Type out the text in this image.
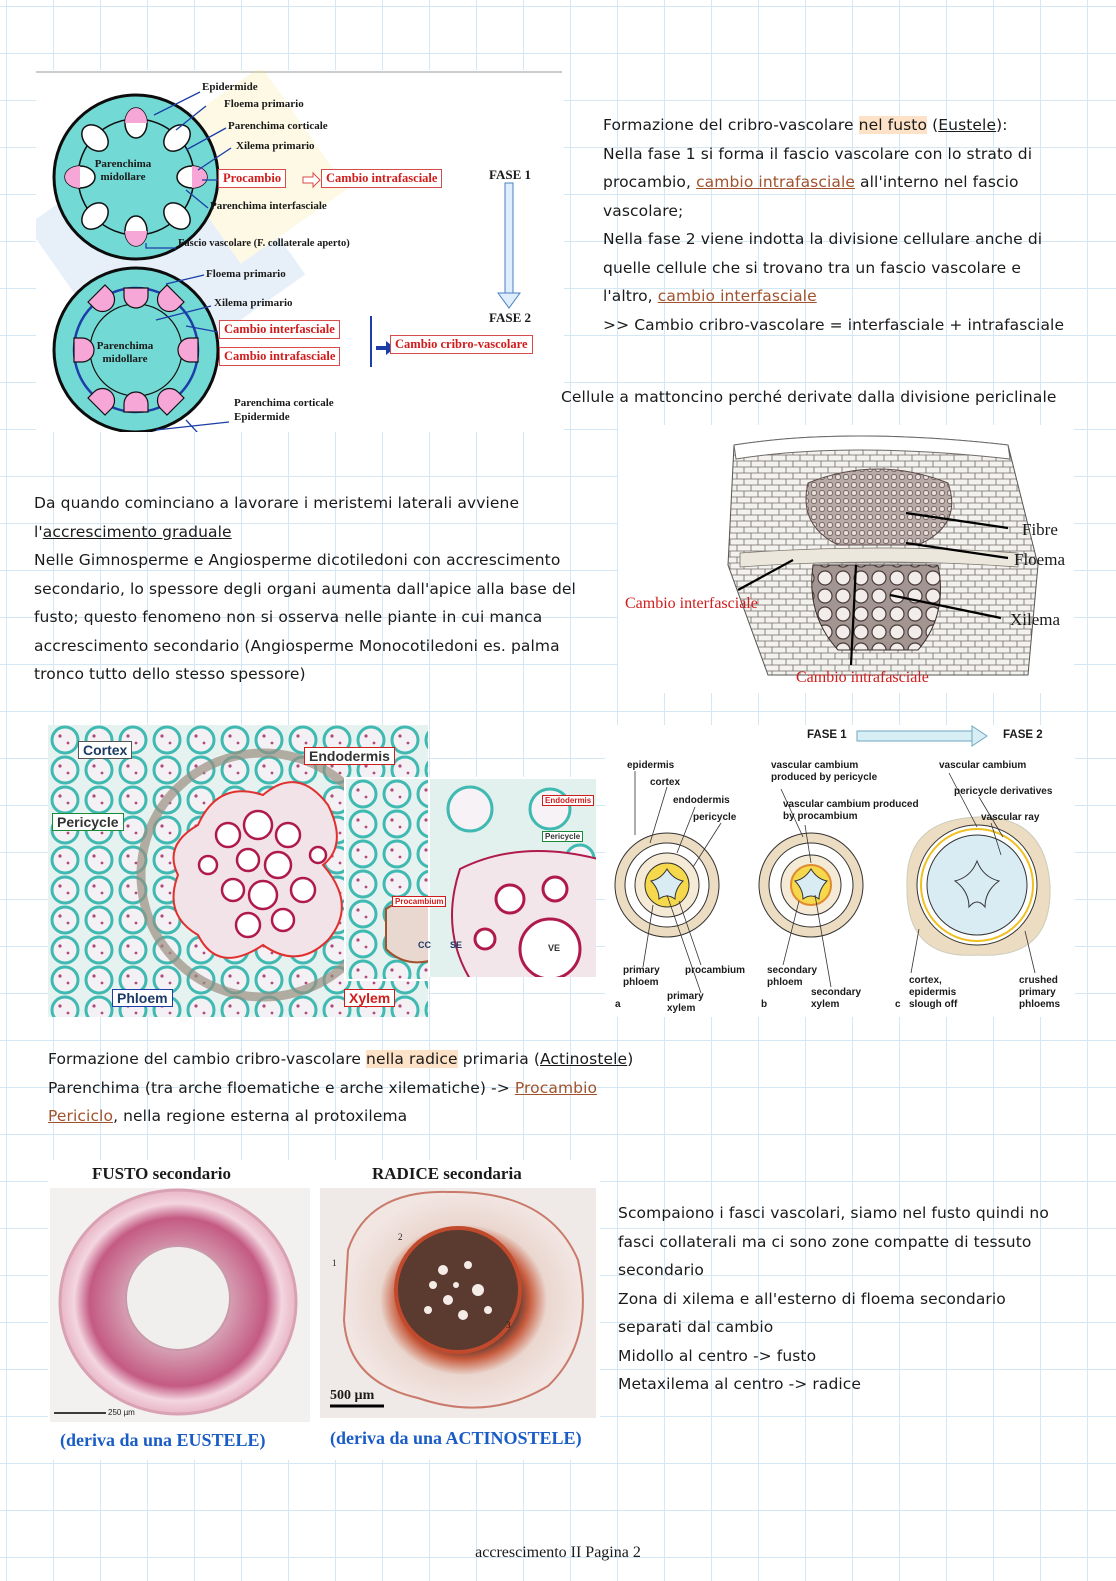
Epidermide
Floema primario
Parenchima corticale
Xilema primario
Parenchima midollare	Procambio	Cambio intrafasciale	FASE 1
Parenchima interfasciale
Fascio vascolare (F. collaterale aperto)
Floema primario
Xilema primario
FASE 2
Cambio interfasciale
Cambio intrafasciale
Parenchima midollare
Cambio cribro-vascolare
Parenchima corticale
Epidermide
Formazione del cribro-vascolare nel fusto (Eustele):
Nella fase 1 si forma il fascio vascolare con lo strato di
procambio, cambio intrafasciale all'interno nel fascio
vascolare;
Nella fase 2 viene indotta la divisione cellulare anche di
quelle cellule che si trovano tra un fascio vascolare e
l'altro, cambio interfasciale
>> Cambio cribro-vascolare = interfasciale + intrafasciale
Cellule a mattoncino perché derivate dalla divisione periclinale
Da quando cominciano a lavorare i meristemi laterali avviene
l'accrescimento graduale
Nelle Gimnosperme e Angiosperme dicotiledoni con accrescimento
secondario, lo spessore degli organi aumenta dall'apice alla base del
fusto; questo fenomeno non si osserva nelle piante in cui manca
accrescimento secondario (Angiosperme Monocotiledoni es. palma
tronco tutto dello stesso spessore)
Fibre
Floema
Xilema
Cambio interfasciale
Cambio intrafasciale
Cortex	Endodermis
Pericycle
Phloem	Xylem
Endodermis
Pericycle
VE
Procambium
CC SE
FASE 1	FASE 2
epidermis
cortex
endodermis
pericycle
vascular cambium produced by pericycle
vascular cambium produced by procambium
vascular cambium
pericycle derivatives
vascular ray
primary phloem
procambium
primary xylem
secondary phloem
secondary xylem
cortex, epidermis slough off
crushed primary phloems
a	b	c
Formazione del cambio cribro-vascolare nella radice primaria (Actinostele)
Parenchima (tra arche floematiche e arche xilematiche) -> Procambio
Periciclo, nella regione esterna al protoxilema
FUSTO secondario	RADICE secondaria
250 µm
500 µm
1
2
3
(deriva da una EUSTELE)	(deriva da una ACTINOSTELE)
Scompaiono i fasci vascolari, siamo nel fusto quindi no
fasci collaterali ma ci sono zone compatte di tessuto
secondario
Zona di xilema e all'esterno di floema secondario
separati dal cambio
Midollo al centro -> fusto
Metaxilema al centro -> radice
accrescimento II Pagina 2
